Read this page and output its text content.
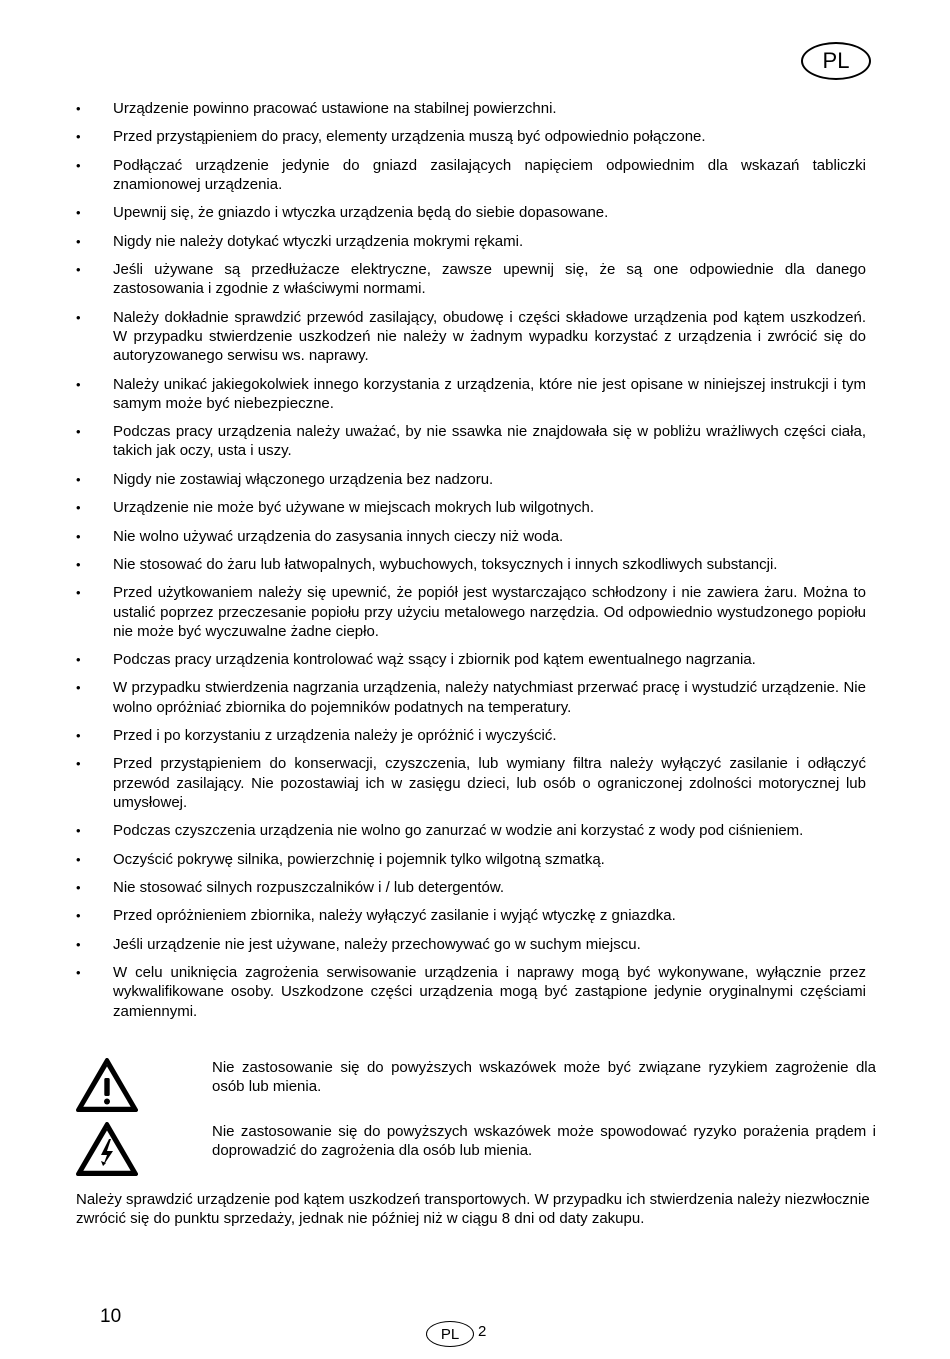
PL
• Urządzenie powinno pracować ustawione na stabilnej powierzchni.
• Przed przystąpieniem do pracy, elementy urządzenia muszą być odpowiednio połączone.
• Podłączać urządzenie jedynie do gniazd zasilających napięciem odpowiednim dla wskazań tabliczki znamionowej urządzenia.
• Upewnij się, że gniazdo i wtyczka urządzenia będą do siebie dopasowane.
• Nigdy nie należy dotykać wtyczki urządzenia mokrymi rękami.
• Jeśli używane są przedłużacze elektryczne, zawsze upewnij się, że są one odpowiednie dla danego zastosowania i zgodnie z właściwymi normami.
• Należy dokładnie sprawdzić przewód zasilający, obudowę i części składowe urządzenia pod kątem uszkodzeń. W przypadku stwierdzenie uszkodzeń nie należy w żadnym wypadku korzystać z urządzenia i zwrócić się do autoryzowanego serwisu ws. naprawy.
• Należy unikać jakiegokolwiek innego korzystania z urządzenia, które nie jest opisane w niniejszej instrukcji i tym samym może być niebezpieczne.
• Podczas pracy urządzenia należy uważać, by nie ssawka nie znajdowała się w pobliżu wrażliwych części ciała, takich jak oczy, usta i uszy.
• Nigdy nie zostawiaj włączonego urządzenia bez nadzoru.
• Urządzenie nie może być używane w miejscach mokrych lub wilgotnych.
• Nie wolno używać urządzenia do zasysania innych cieczy niż woda.
• Nie stosować do żaru lub łatwopalnych, wybuchowych, toksycznych i innych szkodliwych substancji.
• Przed użytkowaniem należy się upewnić, że popiół jest wystarczająco schłodzony i nie zawiera żaru. Można to ustalić poprzez przeczesanie popiołu przy użyciu metalowego narzędzia. Od odpowiednio wystudzonego popiołu nie może być wyczuwalne żadne ciepło.
• Podczas pracy urządzenia kontrolować wąż ssący i zbiornik pod kątem ewentualnego nagrzania.
• W przypadku stwierdzenia nagrzania urządzenia, należy natychmiast przerwać pracę i wystudzić urządzenie. Nie wolno opróżniać zbiornika do pojemników podatnych na temperatury.
• Przed i po korzystaniu z urządzenia należy je opróżnić i wyczyścić.
• Przed przystąpieniem do konserwacji, czyszczenia, lub wymiany filtra należy wyłączyć zasilanie i odłączyć przewód zasilający. Nie pozostawiaj ich w zasięgu dzieci, lub osób o ograniczonej zdolności motorycznej lub umysłowej.
• Podczas czyszczenia urządzenia nie wolno go zanurzać w wodzie ani korzystać z wody pod ciśnieniem.
• Oczyścić pokrywę silnika, powierzchnię i pojemnik tylko wilgotną szmatką.
• Nie stosować silnych rozpuszczalników i / lub detergentów.
• Przed opróżnieniem zbiornika, należy wyłączyć zasilanie i wyjąć wtyczkę z gniazdka.
• Jeśli urządzenie nie jest używane, należy przechowywać go w suchym miejscu.
• W celu uniknięcia zagrożenia serwisowanie urządzenia i naprawy mogą być wykonywane, wyłącznie przez wykwalifikowane osoby. Uszkodzone części urządzenia mogą być zastąpione jedynie oryginalnymi częściami zamiennymi.
Nie zastosowanie się do powyższych wskazówek może być związane ryzykiem zagrożenie dla osób lub mienia.
Nie zastosowanie się do powyższych wskazówek może spowodować ryzyko porażenia prądem i doprowadzić do zagrożenia dla osób lub mienia.
Należy sprawdzić urządzenie pod kątem uszkodzeń transportowych. W przypadku ich stwierdzenia należy niezwłocznie zwrócić się do punktu sprzedaży, jednak nie później niż w ciągu 8 dni od daty zakupu.
10
PL	2
